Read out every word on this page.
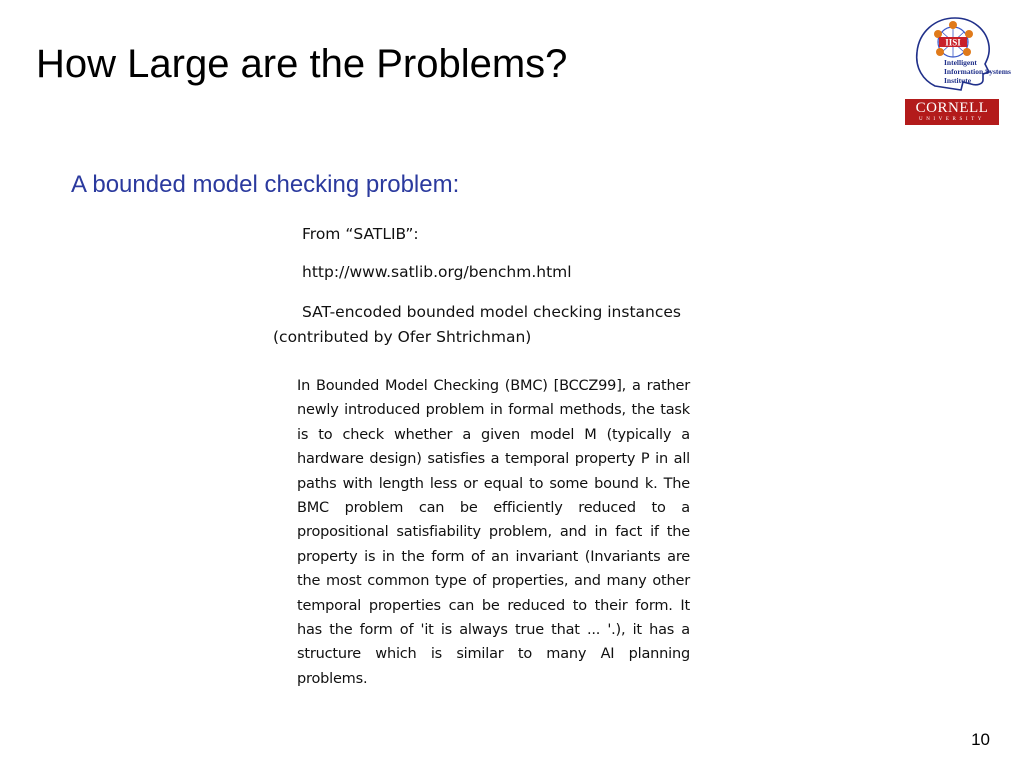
How Large are the Problems?	IISI
Intelligent Information Systems Institute
CORNELL
UNIVERSITY
A bounded model checking problem:
From “SATLIB”:
http://www.satlib.org/benchm.html
SAT-encoded bounded model checking instances
(contributed by Ofer Shtrichman)
In Bounded Model Checking (BMC) [BCCZ99], a rather newly introduced problem in formal methods, the task is to check whether a given model M (typically a hardware design) satisfies a temporal property P in all paths with length less or equal to some bound k. The BMC problem can be efficiently reduced to a propositional satisfiability problem, and in fact if the property is in the form of an invariant (Invariants are the most common type of properties, and many other temporal properties can be reduced to their form. It has the form of 'it is always true that ... '.), it has a structure which is similar to many AI planning problems.
10
